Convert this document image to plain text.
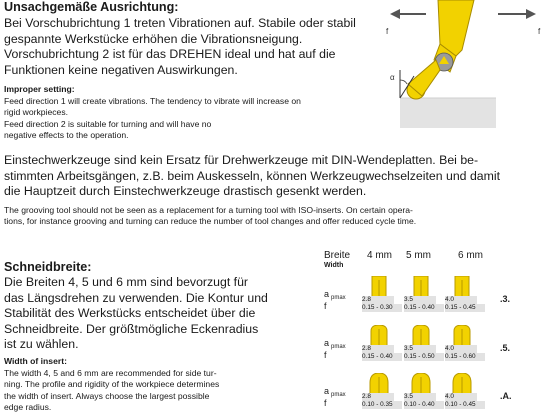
Unsachgemäße Ausrichtung:
Bei Vorschubrichtung 1 treten Vibrationen auf. Stabile oder stabil
gespannte Werkstücke erhöhen die Vibrationsneigung.
Vorschubrichtung 2 ist für das DREHEN ideal und hat auf die
Funktionen keine negativen Auswirkungen.
Improper setting:
Feed direction 1 will create vibrations. The tendency to vibrate will increase on
rigid workpieces.
Feed direction 2 is suitable for turning and will have no
negative effects to the operation.
f	f
α
Einstechwerkzeuge sind kein Ersatz für Drehwerkzeuge mit DIN-Wendeplatten. Bei be-
stimmten Arbeitsgängen, z.B. beim Auskesseln, können Werkzeugwechselzeiten und damit
die Hauptzeit durch Einstechwerkzeuge drastisch gesenkt werden.
The grooving tool should not be seen as a replacement for a turning tool with ISO-inserts. On certain opera-
tions, for instance grooving and turning can reduce the number of tool changes and offer reduced cycle time.
Schneidbreite:
Die Breiten 4, 5 und 6 mm sind bevorzugt für
das Längsdrehen zu verwenden. Die Kontur und
Stabilität des Werkstücks entscheidet über die
Schneidbreite. Der größtmögliche Eckenradius
ist zu wählen.
Width of insert:
The width 4, 5 and 6 mm are recommended for side tur-
ning. The profile and rigidity of the workpiece determines
the width of insert. Always choose the largest possible
edge radius.
Breite
Width
4 mm 5 mm	6 mm
a pmax
f
2.8
0.15 - 0.30
3.5
0.15 - 0.40
4.0
0.15 - 0.45
.3.
a pmax
f
2.8
0.15 - 0.40
3.5
0.15 - 0.50
4.0
0.15 - 0.60
.5.
a pmax
f
2.8
0.10 - 0.35
3.5
0.10 - 0.40
4.0
0.10 - 0.45
.A.
